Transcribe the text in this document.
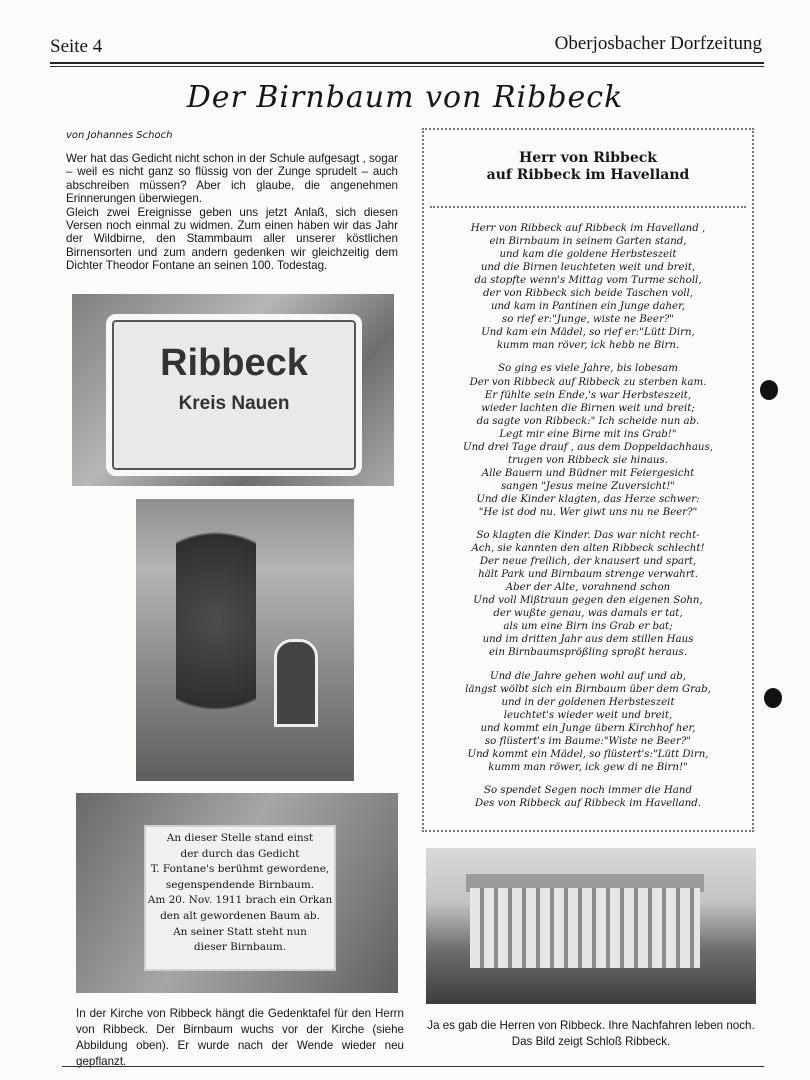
Seite 4	Oberjosbacher Dorfzeitung
Der Birnbaum von Ribbeck
von Johannes Schoch

Wer hat das Gedicht nicht schon in der Schule aufgesagt , sogar – weil es nicht ganz so flüssig von der Zunge sprudelt – auch abschreiben müssen? Aber ich glaube, die angenehmen Erinnerungen überwiegen.

Gleich zwei Ereignisse geben uns jetzt Anlaß, sich diesen Versen noch einmal zu widmen. Zum einen haben wir das Jahr der Wildbirne, den Stammbaum aller unserer köstlichen Birnensorten und zum andern gedenken wir gleichzeitig dem Dichter Theodor Fontane an seinen 100. Todestag.

Ribbeck
Kreis Nauen
An dieser Stelle stand einst
der durch das Gedicht
T. Fontane's berühmt gewordene,
segenspendende Birnbaum.
Am 20. Nov. 1911 brach ein Orkan
den alt gewordenen Baum ab.
An seiner Statt steht nun
dieser Birnbaum.
In der Kirche von Ribbeck hängt die Gedenktafel für den Herrn von Ribbeck. Der Birnbaum wuchs vor der Kirche (siehe Abbildung oben). Er wurde nach der Wende wieder neu gepflanzt.
Herr von Ribbeck
auf Ribbeck im Havelland
Herr von Ribbeck auf Ribbeck im Havelland ,
ein Birnbaum in seinem Garten stand,
und kam die goldene Herbsteszeit
und die Birnen leuchteten weit und breit,
da stopfte wenn's Mittag vom Turme scholl,
der von Ribbeck sich beide Taschen voll,
und kam in Pantinen ein Junge daher,
so rief er:"Junge, wiste ne Beer?"
Und kam ein Mädel, so rief er:"Lütt Dirn,
kumm man röver, ick hebb ne Birn.
So ging es viele Jahre, bis lobesam
Der von Ribbeck auf Ribbeck zu sterben kam.
Er fühlte sein Ende,'s war Herbsteszeit,
wieder lachten die Birnen weit und breit;
da sagte von Ribbeck:" Ich scheide nun ab.
Legt mir eine Birne mit ins Grab!"
Und drei Tage drauf , aus dem Doppeldachhaus,
trugen von Ribbeck sie hinaus.
Alle Bauern und Büdner mit Feiergesicht
sangen "Jesus meine Zuversicht!"
Und die Kinder klagten, das Herze schwer:
"He ist dod nu. Wer giwt uns nu ne Beer?"
So klagten die Kinder. Das war nicht recht-
Ach, sie kannten den alten Ribbeck schlecht!
Der neue freilich, der knausert und spart,
hält Park und Birnbaum strenge verwahrt.
Aber der Alte, vorahnend schon
Und voll Mißtraun gegen den eigenen Sohn,
der wußte genau, was damals er tat,
als um eine Birn ins Grab er bat;
und im dritten Jahr aus dem stillen Haus
ein Birnbaumsprößling sproßt heraus.
Und die Jahre gehen wohl auf und ab,
längst wölbt sich ein Birnbaum über dem Grab,
und in der goldenen Herbsteszeit
leuchtet's wieder weit und breit,
und kommt ein Junge übern Kirchhof her,
so flüstert's im Baume:"Wiste ne Beer?"
Und kommt ein Mädel, so flüstert's:"Lütt Dirn,
kumm man röwer, ick gew di ne Birn!"
So spendet Segen noch immer die Hand
Des von Ribbeck auf Ribbeck im Havelland.
Ja es gab die Herren von Ribbeck. Ihre Nachfahren leben noch.
Das Bild zeigt Schloß Ribbeck.
